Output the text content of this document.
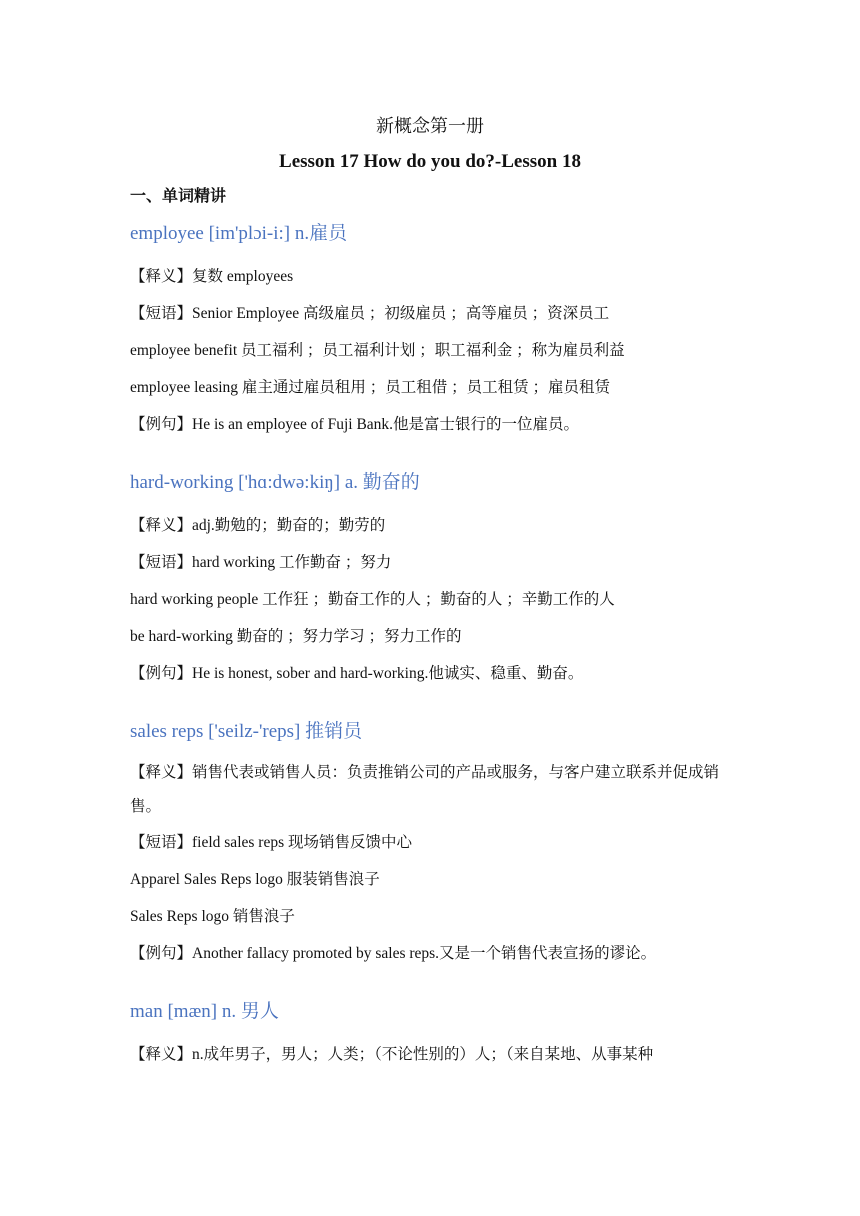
新概念第一册
Lesson 17 How do you do?-Lesson 18
一、单词精讲
employee [im'plɔi-i:] n.雇员

【释义】复数 employees

【短语】Senior Employee 高级雇员 ；初级雇员 ；高等雇员 ；资深员工

employee benefit 员工福利 ；员工福利计划 ；职工福利金 ；称为雇员利益

employee leasing 雇主通过雇员租用 ；员工租借 ；员工租赁 ；雇员租赁

【例句】He is an employee of Fuji Bank.他是富士银行的一位雇员。

hard-working ['hɑ:dwə:kiŋ] a. 勤奋的

【释义】adj.勤勉的；勤奋的；勤劳的

【短语】hard working 工作勤奋 ；努力

hard working people 工作狂 ；勤奋工作的人 ；勤奋的人 ；辛勤工作的人

be hard-working 勤奋的 ；努力学习 ；努力工作的

【例句】He is honest, sober and hard-working.他诚实、稳重、勤奋。

sales reps ['seilz-'reps] 推销员

【释义】销售代表或销售人员：负责推销公司的产品或服务，与客户建立联系并促成销售。

【短语】field sales reps 现场销售反馈中心

Apparel Sales Reps logo 服装销售浪子

Sales Reps logo 销售浪子

【例句】Another fallacy promoted by sales reps.又是一个销售代表宣扬的谬论。

man [mæn] n. 男人

【释义】n.成年男子，男人；人类；（不论性别的）人；（来自某地、从事某种
